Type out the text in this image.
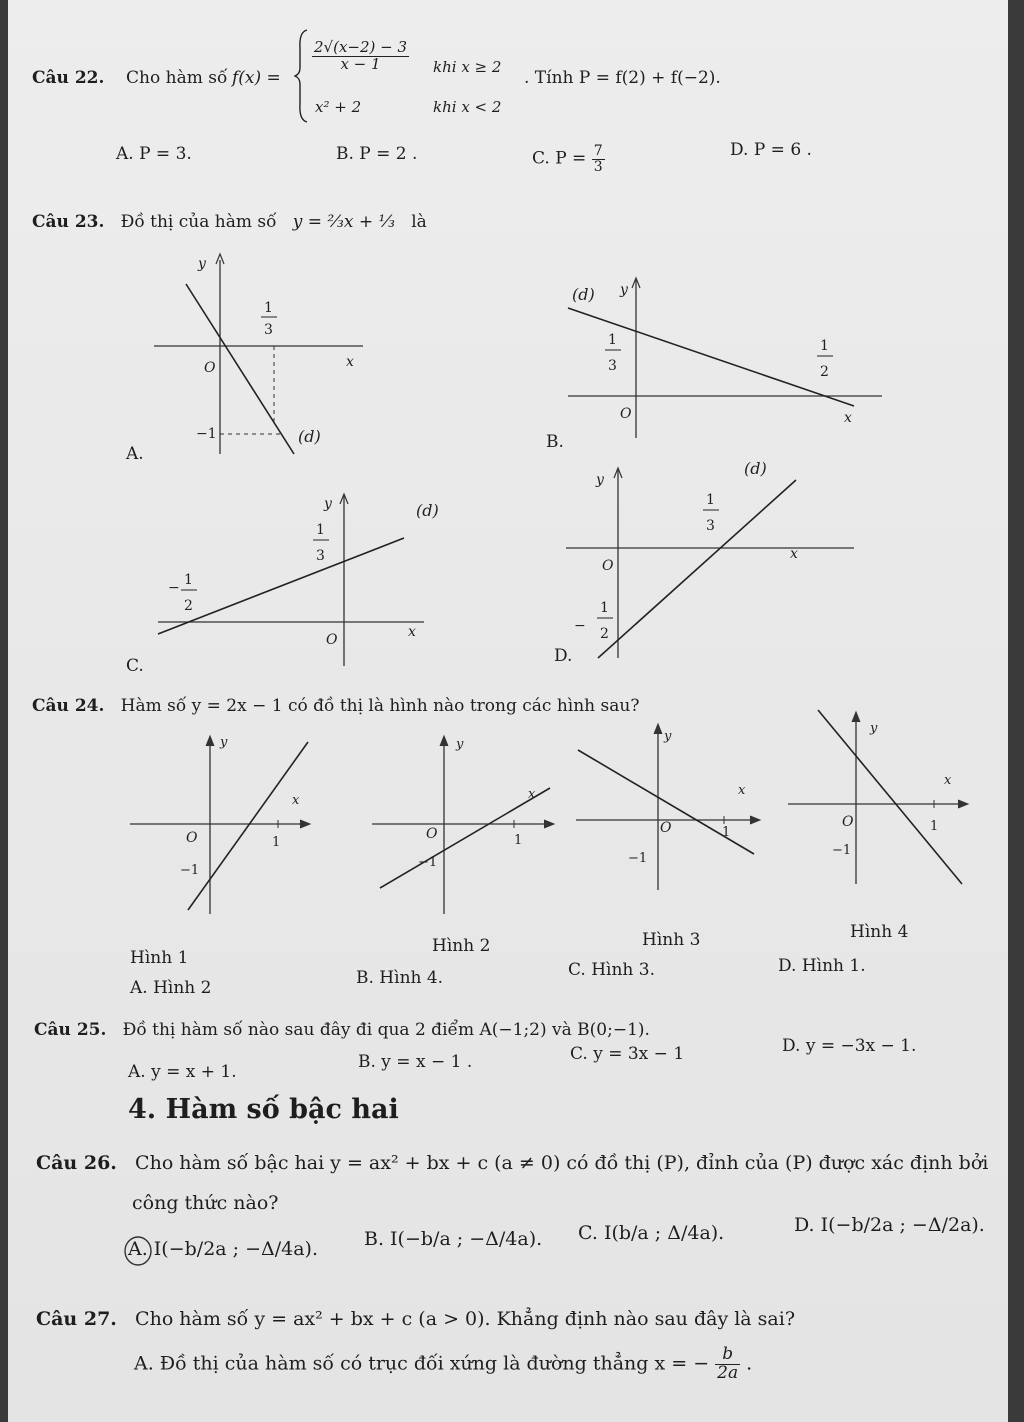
Câu 22. Cho hàm số f(x) =
$\frac{2√(x-2) - 3}{x - 1}$ khi x ≥ 2
x² + 2	khi x < 2
. Tính P = f(2) + f(−2).
A. P = 3.	B. P = 2 .	C. $P = \frac{7}{3}$	D. P = 6 .
Câu 23. Đồ thị của hàm số y = ⅔x + ⅓ là
y
x
O
1
3
−1	(d)
A.
(d) y
1
3
O
1
2
x
B.
y
1
3
− 1
2
O	x
(d)
C.
y
(d)
1
3
O
x
−
1
2
D.
Câu 24. Hàm số y = 2x − 1 có đồ thị là hình nào trong các hình sau?
y
x
O	1
−1
Hình 1
y
x
O	1
−1
Hình 2
y
x
O	1
−1
Hình 3
y
x
O	1
−1
Hình 4
A. Hình 2	B. Hình 4.	C. Hình 3.	D. Hình 1.
Câu 25. Đồ thị hàm số nào sau đây đi qua 2 điểm A(−1;2) và B(0;−1).
A. y = x + 1.	B. y = x − 1 .	C. y = 3x − 1	D. y = −3x − 1.
4. Hàm số bậc hai
Câu 26. Cho hàm số bậc hai y = ax² + bx + c (a ≠ 0) có đồ thị (P), đỉnh của (P) được xác định bởi
công thức nào?
A. I(−b/2a ; −Δ/4a). B. I(−b/a ; −Δ/4a). C. I(b/a ; Δ/4a).	D. I(−b/2a ; −Δ/2a).
Câu 27. Cho hàm số y = ax² + bx + c (a > 0). Khẳng định nào sau đây là sai?
A. Đồ thị của hàm số có trục đối xứng là đường thẳng x = − $\frac{b}{2a}$ .
